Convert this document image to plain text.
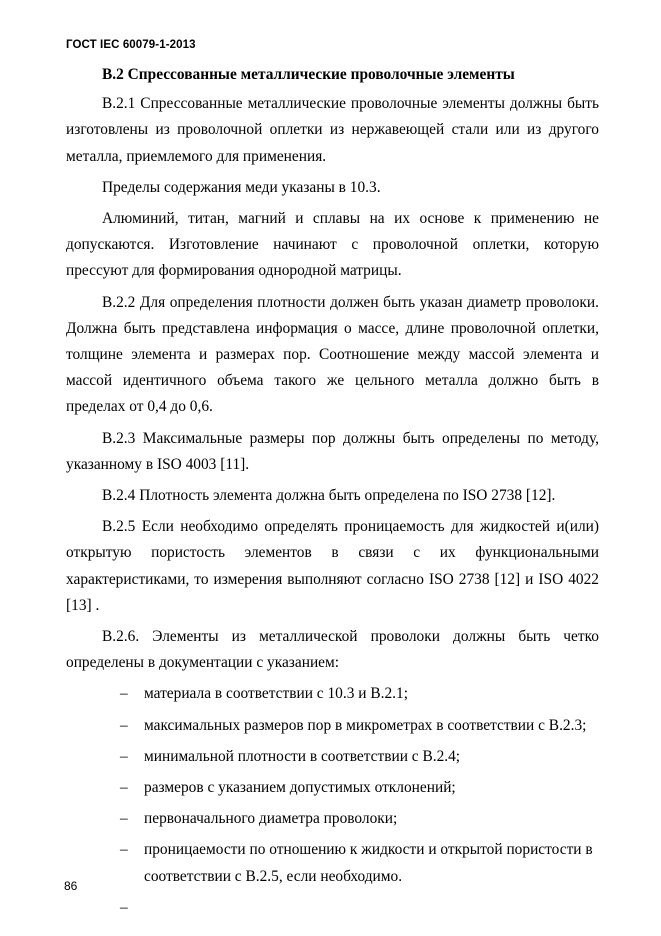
ГОСТ IEC 60079-1-2013
В.2 Спрессованные металлические проволочные элементы

В.2.1 Спрессованные металлические проволочные элементы должны быть изготовлены из проволочной оплетки из нержавеющей стали или из другого металла, приемлемого для применения.

Пределы содержания меди указаны в 10.3.

Алюминий, титан, магний и сплавы на их основе к применению не допускаются. Изготовление начинают с проволочной оплетки, которую прессуют для формирования однородной матрицы.

В.2.2 Для определения плотности должен быть указан диаметр проволоки. Должна быть представлена информация о массе, длине проволочной оплетки, толщине элемента и размерах пор. Соотношение между массой элемента и массой идентичного объема такого же цельного металла должно быть в пределах от 0,4 до 0,6.

В.2.3 Максимальные размеры пор должны быть определены по методу, указанному в ISO 4003 [11].

В.2.4 Плотность элемента должна быть определена по ISO 2738 [12].

В.2.5 Если необходимо определять проницаемость для жидкостей и(или) открытую пористость элементов в связи с их функциональными характеристиками, то измерения выполняют согласно ISO 2738 [12] и ISO 4022 [13] .

В.2.6. Элементы из металлической проволоки должны быть четко определены в документации с указанием:

– материала в соответствии с 10.3 и В.2.1;
– максимальных размеров пор в микрометрах в соответствии с В.2.3;
– минимальной плотности в соответствии с В.2.4;
– размеров с указанием допустимых отклонений;
– первоначального диаметра проволоки;
– проницаемости по отношению к жидкости и открытой пористости в
соответствии с В.2.5, если необходимо.
–
86
